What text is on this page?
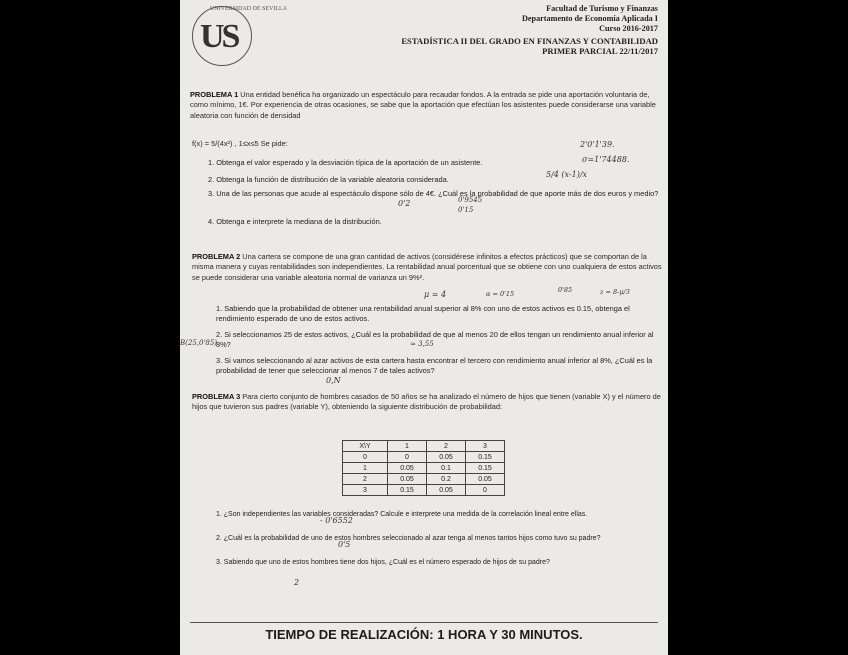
UNIVERSIDAD DE SEVILLA
US
Facultad de Turismo y Finanzas
Departamento de Economía Aplicada I
Curso 2016-2017
ESTADÍSTICA II DEL GRADO EN FINANZAS Y CONTABILIDAD
PRIMER PARCIAL 22/11/2017
PROBLEMA 1 Una entidad benéfica ha organizado un espectáculo para recaudar fondos. A la entrada se pide una aportación voluntaria de, como mínimo, 1€. Por experiencia de otras ocasiones, se sabe que la aportación que efectúan los asistentes puede considerarse una variable aleatoria con función de densidad
f(x) = 5/(4x²) , 1≤x≤5 Se pide:	2'0'1'39.
1. Obtenga el valor esperado y la desviación típica de la aportación de un asistente.	σ=1'74488.
2. Obtenga la función de distribución de la variable aleatoria considerada.
5/4 (x-1)/x
3. Una de las personas que acude al espectáculo dispone sólo de 4€. ¿Cuál es la probabilidad de que aporte más de dos euros y medio?
0'2	0'9545
0'15
4. Obtenga e interprete la mediana de la distribución.
PROBLEMA 2 Una cartera se compone de una gran cantidad de activos (considérese infinitos a efectos prácticos) que se comportan de la misma manera y cuyas rentabilidades son independientes. La rentabilidad anual porcentual que se obtiene con uno cualquiera de estos activos se puede considerar una variable aleatoria normal de varianza un 9%².
μ = 4	α = 0'15	0'85	z = 8-μ/3
1. Sabiendo que la probabilidad de obtener una rentabilidad anual superior al 8% con uno de estos activos es 0.15, obtenga el rendimiento esperado de uno de estos activos.
B(25,0'85)
2. Si seleccionamos 25 de estos activos, ¿Cuál es la probabilidad de que al menos 20 de ellos tengan un rendimiento anual inferior al 8%?	≈ 3,55
3. Si vamos seleccionando al azar activos de esta cartera hasta encontrar el tercero con rendimiento anual inferior al 8%, ¿Cuál es la probabilidad de tener que seleccionar al menos 7 de tales activos?
0,N
PROBLEMA 3 Para cierto conjunto de hombres casados de 50 años se ha analizado el número de hijos que tienen (variable X) y el número de hijos que tuvieron sus padres (variable Y), obteniendo la siguiente distribución de probabilidad:
X\Y	1	2	3
0	0	0.05	0.15
1	0.05	0.1	0.15
2	0.05	0.2	0.05
3	0.15	0.05	0
1. ¿Son independientes las variables consideradas? Calcule e interprete una medida de la correlación lineal entre ellas.
- 0'6552
2. ¿Cuál es la probabilidad de uno de estos hombres seleccionado al azar tenga al menos tantos hijos como tuvo su padre?
0'5
3. Sabiendo que uno de estos hombres tiene dos hijos, ¿Cuál es el número esperado de hijos de su padre?
2
TIEMPO DE REALIZACIÓN: 1 HORA Y 30 MINUTOS.
